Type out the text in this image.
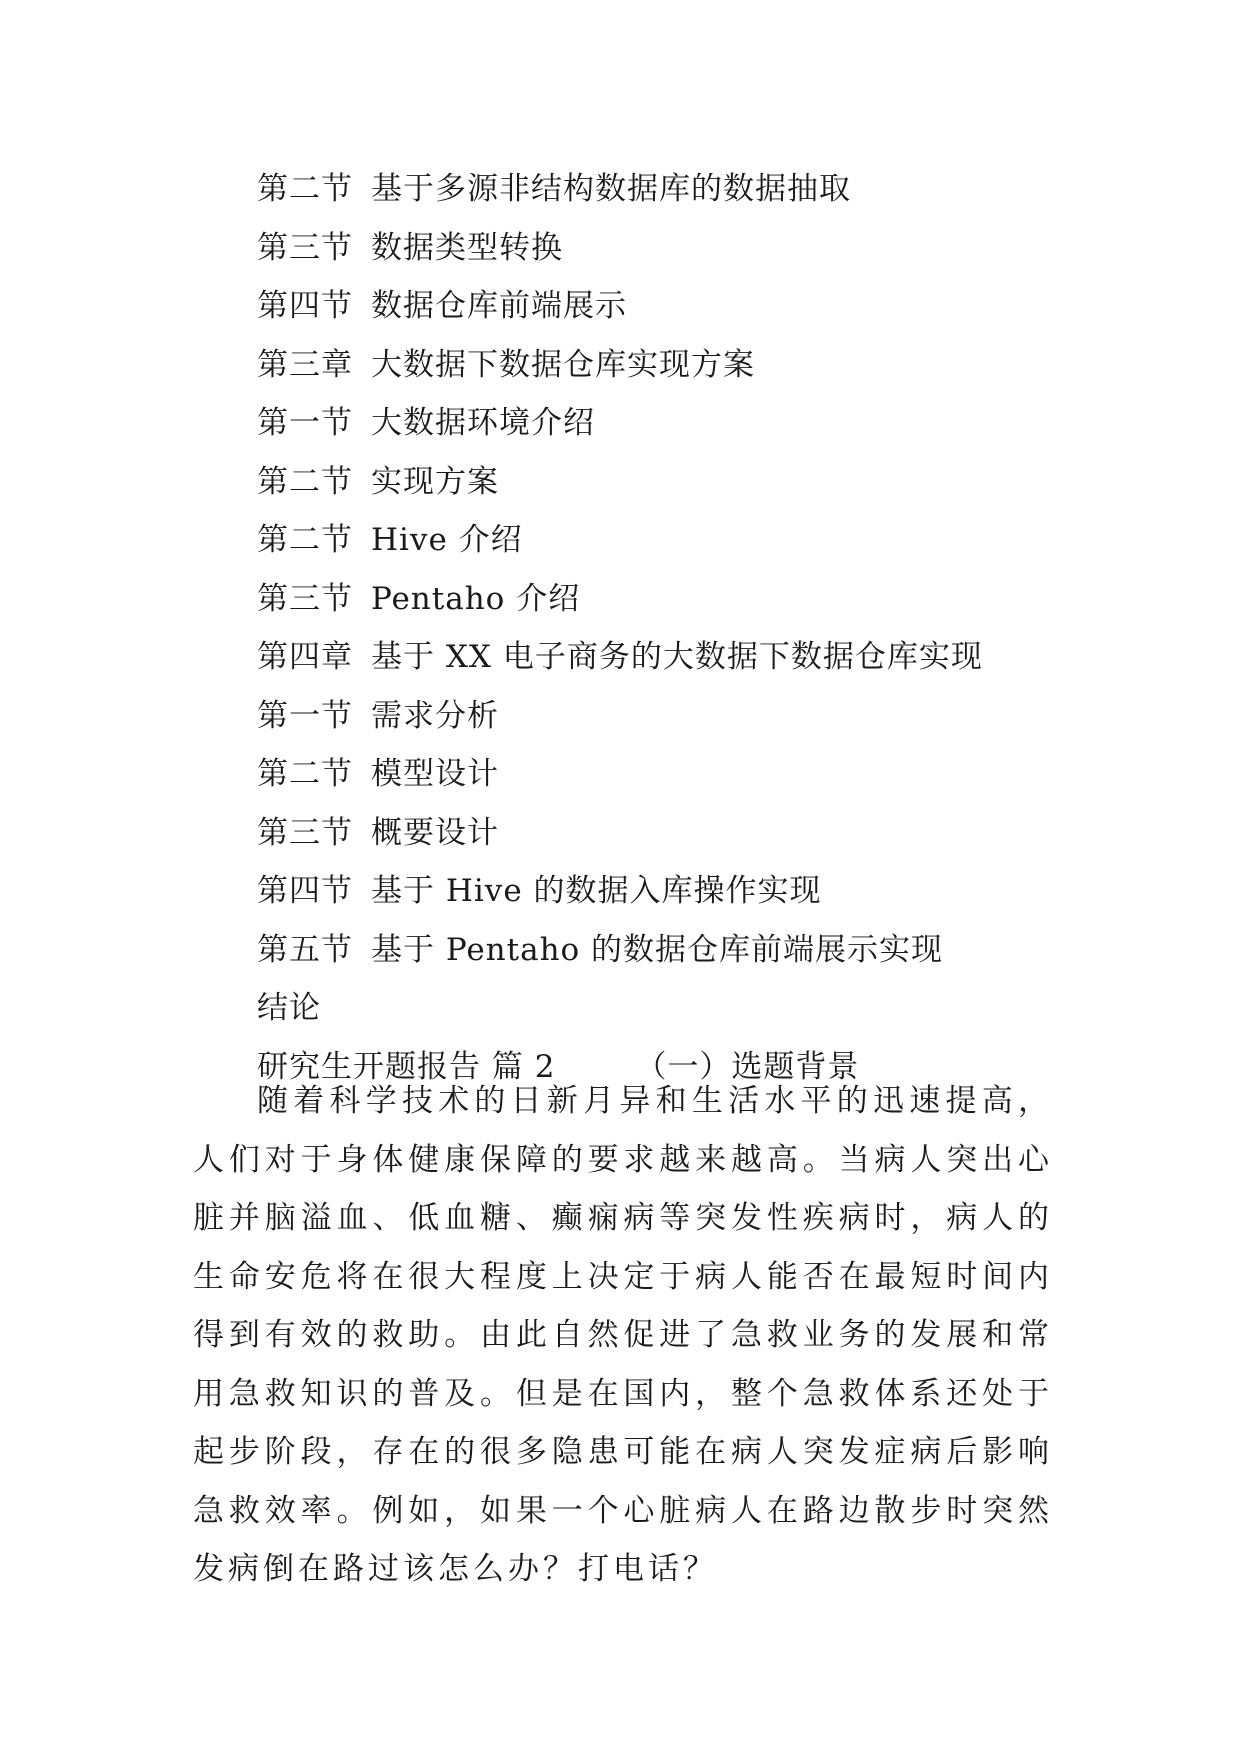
第二节 基于多源非结构数据库的数据抽取
第三节 数据类型转换
第四节 数据仓库前端展示
第三章 大数据下数据仓库实现方案
第一节 大数据环境介绍
第二节 实现方案
第二节 Hive 介绍
第三节 Pentaho 介绍
第四章 基于 XX 电子商务的大数据下数据仓库实现
第一节 需求分析
第二节 模型设计
第三节 概要设计
第四节 基于 Hive 的数据入库操作实现
第五节 基于 Pentaho 的数据仓库前端展示实现
结论
研究生开题报告 篇 2	（一）选题背景

随着科学技术的日新月异和生活水平的迅速提高，人们对于身体健康保障的要求越来越高。当病人突出心脏并脑溢血、低血糖、癫痫病等突发性疾病时，病人的生命安危将在很大程度上决定于病人能否在最短时间内得到有效的救助。由此自然促进了急救业务的发展和常用急救知识的普及。但是在国内，整个急救体系还处于起步阶段，存在的很多隐患可能在病人突发症病后影响急救效率。例如，如果一个心脏病人在路边散步时突然发病倒在路过该怎么办？打电话？
